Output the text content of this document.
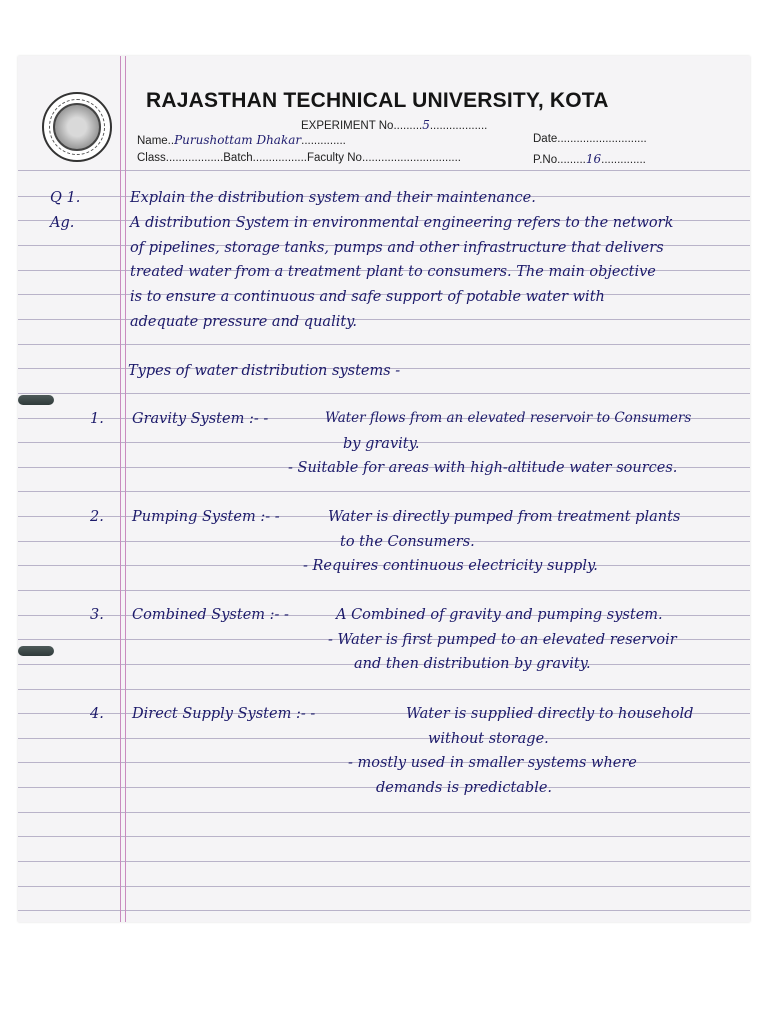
RAJASTHAN TECHNICAL UNIVERSITY, KOTA
EXPERIMENT No.........5..................
Name..Purushottam Dhakar..............	Date............................
Class..................Batch.................Faculty No...............................	P.No.........16..............
Q 1.	Explain the distribution system and their maintenance.
Ag.	A distribution System in environmental engineering refers to the network
of pipelines, storage tanks, pumps and other infrastructure that delivers
treated water from a treatment plant to consumers. The main objective
is to ensure a continuous and safe support of potable water with
adequate pressure and quality.
Types of water distribution systems -
1. Gravity System :- -	Water flows from an elevated reservoir to Consumers
by gravity.
- Suitable for areas with high-altitude water sources.
2. Pumping System :- -	Water is directly pumped from treatment plants
to the Consumers.
- Requires continuous electricity supply.
3. Combined System :- -	A Combined of gravity and pumping system.
- Water is first pumped to an elevated reservoir
and then distribution by gravity.
4. Direct Supply System :- -	Water is supplied directly to household
without storage.
- mostly used in smaller systems where
demands is predictable.
